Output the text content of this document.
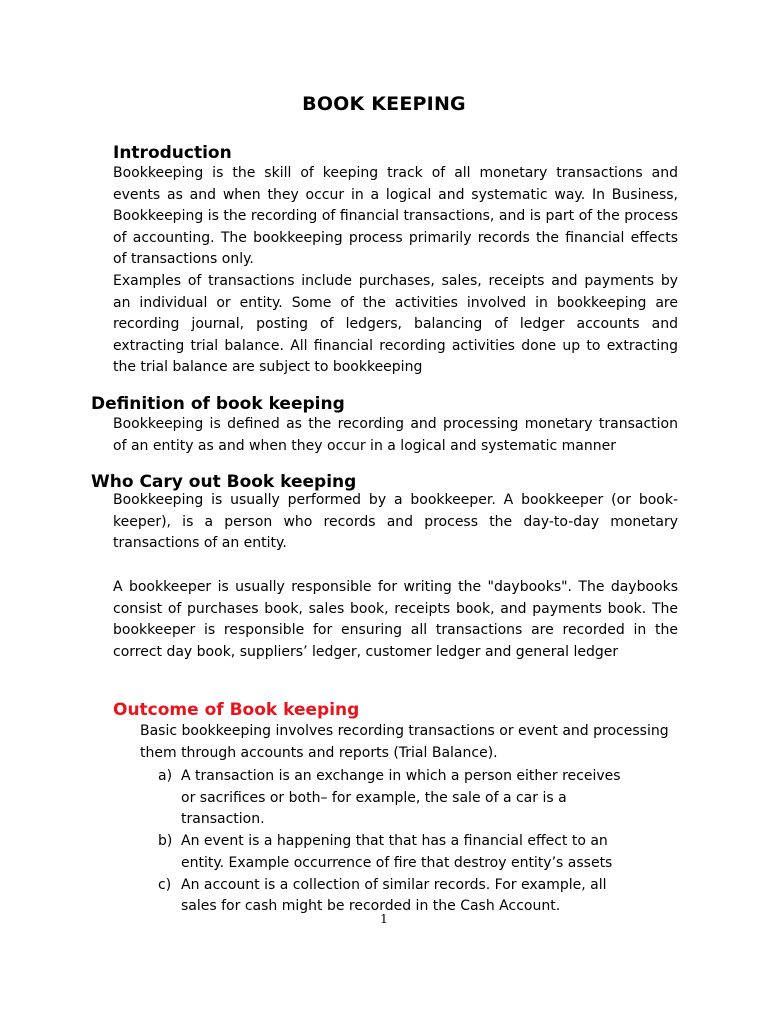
BOOK KEEPING
Introduction
Bookkeeping is the skill of keeping track of all monetary transactions and events as and when they occur in a logical and systematic way. In Business, Bookkeeping is the recording of financial transactions, and is part of the process of accounting. The bookkeeping process primarily records the financial effects of transactions only.
Examples of transactions include purchases, sales, receipts and payments by an individual or entity. Some of the activities involved in bookkeeping are recording journal, posting of ledgers, balancing of ledger accounts and extracting trial balance. All financial recording activities done up to extracting the trial balance are subject to bookkeeping
Definition of book keeping
Bookkeeping is defined as the recording and processing monetary transaction of an entity as and when they occur in a logical and systematic manner
Who Cary out Book keeping
Bookkeeping is usually performed by a bookkeeper. A bookkeeper (or book-keeper), is a person who records and process the day-to-day monetary transactions of an entity.
A bookkeeper is usually responsible for writing the "daybooks". The daybooks consist of purchases book, sales book, receipts book, and payments book. The bookkeeper is responsible for ensuring all transactions are recorded in the correct day book, suppliers’ ledger, customer ledger and general ledger
Outcome of Book keeping
Basic bookkeeping involves recording transactions or event and processing them through accounts and reports (Trial Balance).
a) A transaction is an exchange in which a person either receives or sacrifices or both– for example, the sale of a car is a transaction.
b) An event is a happening that that has a financial effect to an entity. Example occurrence of fire that destroy entity’s assets
c) An account is a collection of similar records. For example, all sales for cash might be recorded in the Cash Account.
1
